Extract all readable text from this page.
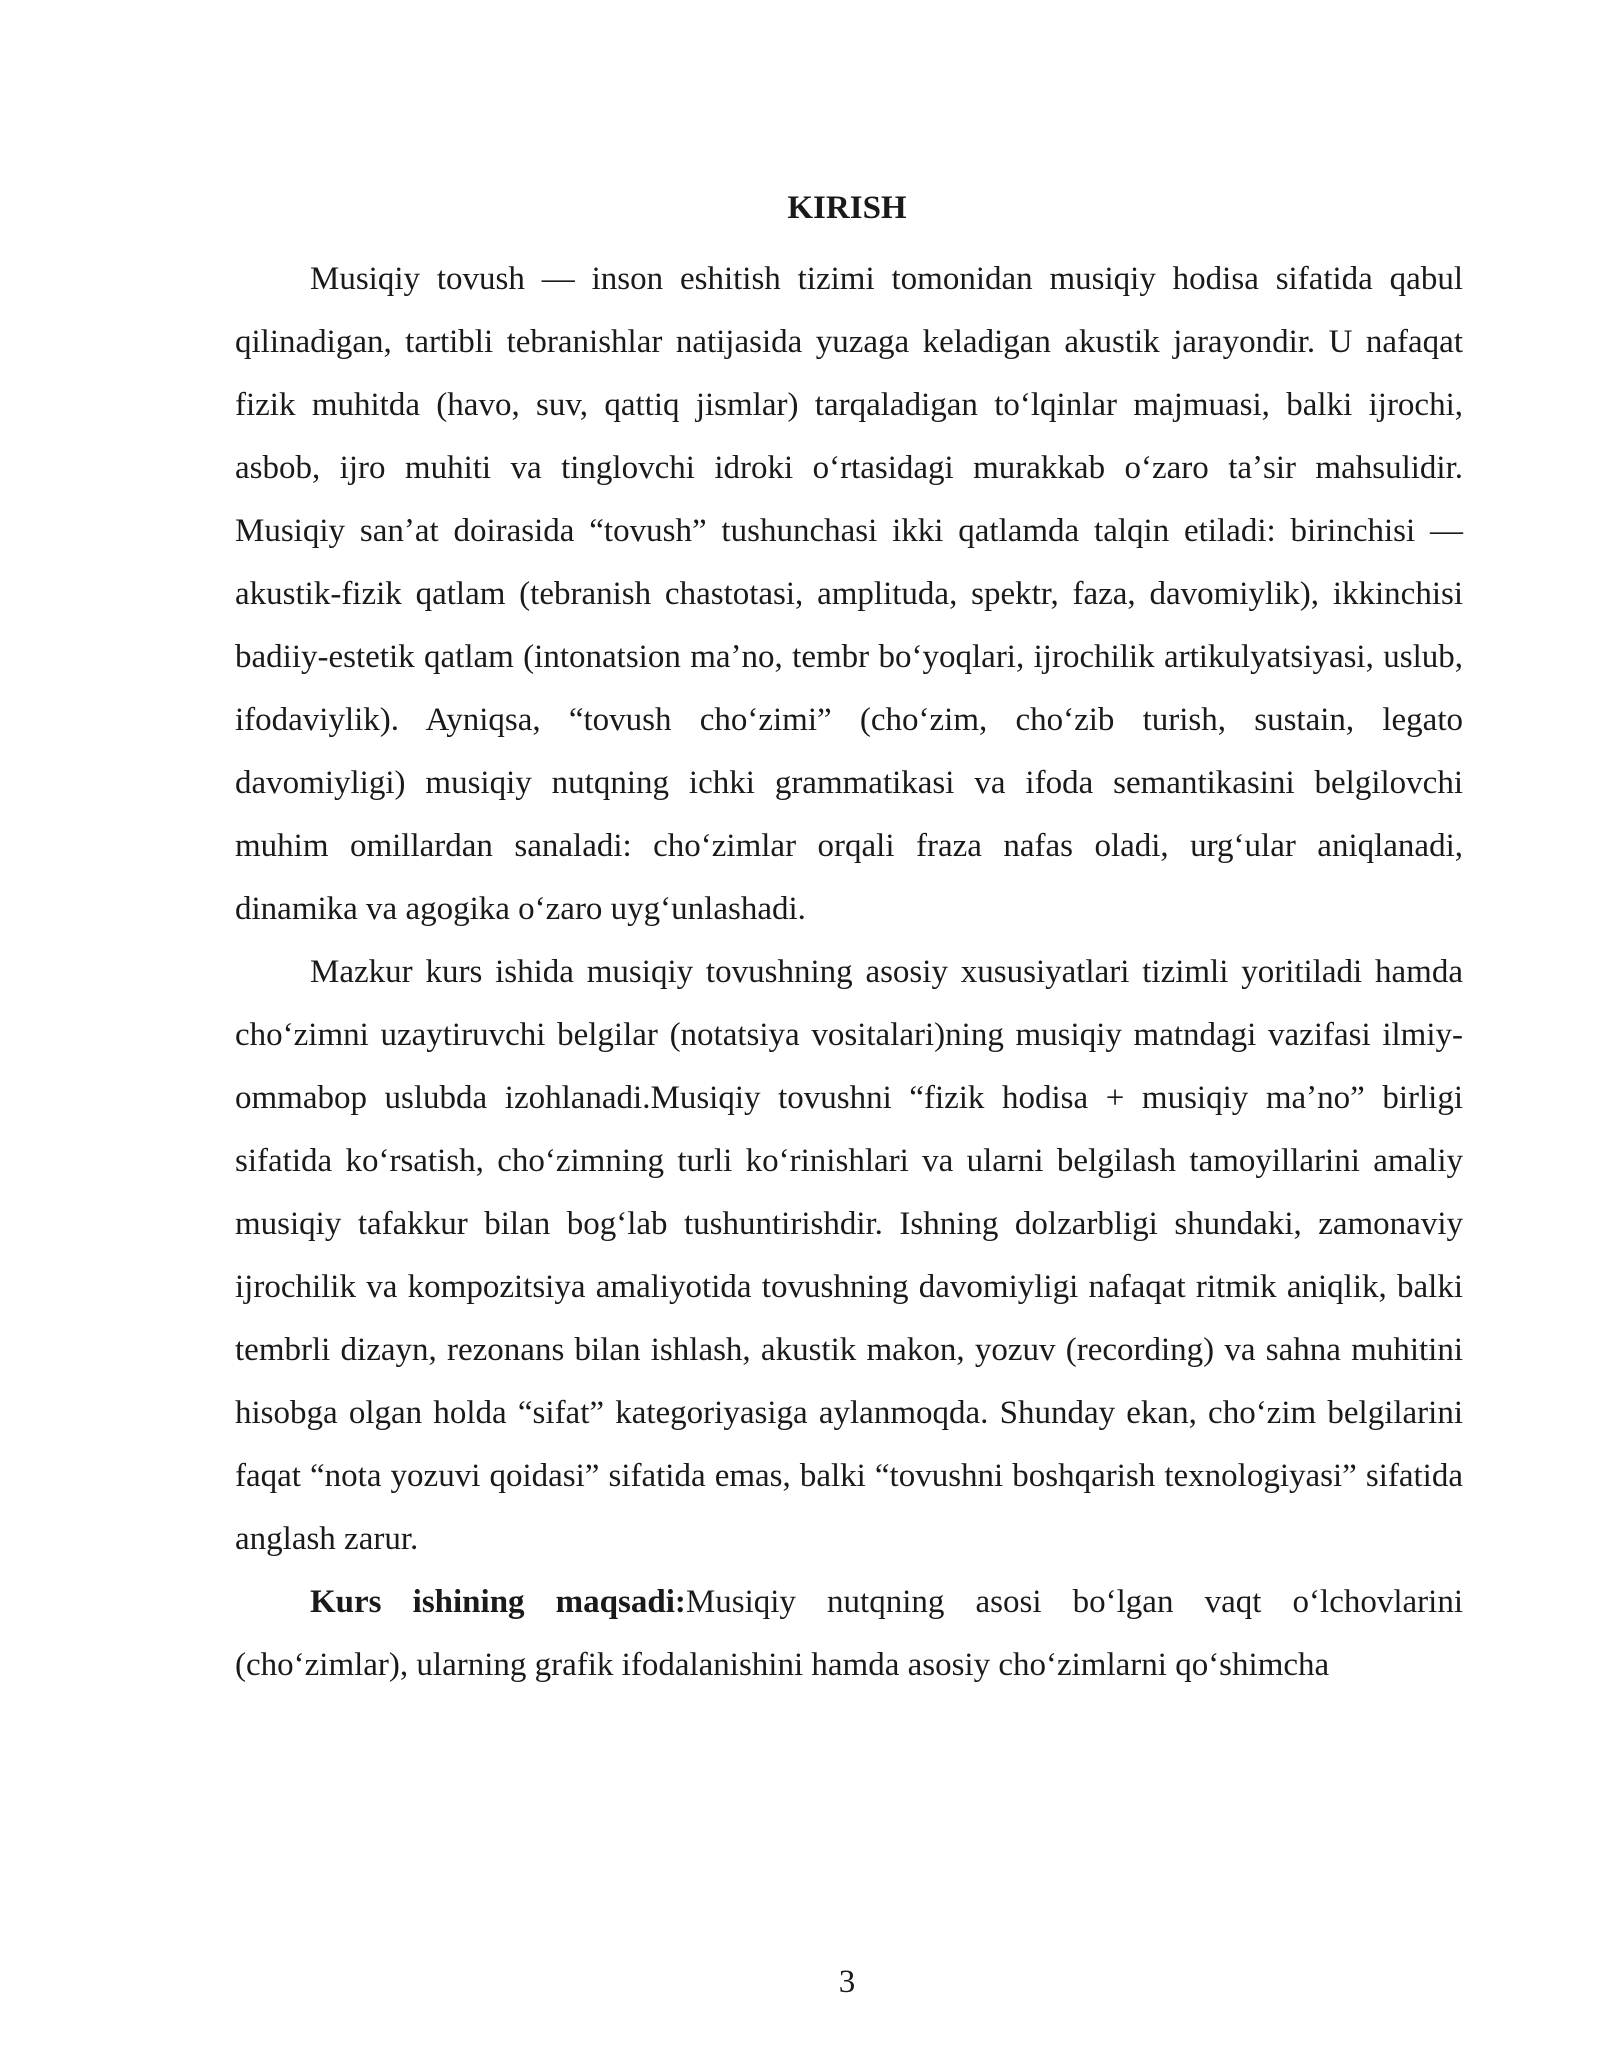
KIRISH

Musiqiy tovush — inson eshitish tizimi tomonidan musiqiy hodisa sifatida qabul qilinadigan, tartibli tebranishlar natijasida yuzaga keladigan akustik jarayondir. U nafaqat fizik muhitda (havo, suv, qattiq jismlar) tarqaladigan toʻlqinlar majmuasi, balki ijrochi, asbob, ijro muhiti va tinglovchi idroki oʻrtasidagi murakkab oʻzaro taʼsir mahsulidir. Musiqiy sanʼat doirasida “tovush” tushunchasi ikki qatlamda talqin etiladi: birinchisi — akustik-fizik qatlam (tebranish chastotasi, amplituda, spektr, faza, davomiylik), ikkinchisi badiiy-estetik qatlam (intonatsion maʼno, tembr boʻyoqlari, ijrochilik artikulyatsiyasi, uslub, ifodaviylik). Ayniqsa, “tovush choʻzimi” (choʻzim, choʻzib turish, sustain, legato davomiyligi) musiqiy nutqning ichki grammatikasi va ifoda semantikasini belgilovchi muhim omillardan sanaladi: choʻzimlar orqali fraza nafas oladi, urgʻular aniqlanadi, dinamika va agogika oʻzaro uygʻunlashadi.

Mazkur kurs ishida musiqiy tovushning asosiy xususiyatlari tizimli yoritiladi hamda choʻzimni uzaytiruvchi belgilar (notatsiya vositalari)ning musiqiy matndagi vazifasi ilmiy-ommabop uslubda izohlanadi.Musiqiy tovushni “fizik hodisa + musiqiy maʼno” birligi sifatida koʻrsatish, choʻzimning turli koʻrinishlari va ularni belgilash tamoyillarini amaliy musiqiy tafakkur bilan bogʻlab tushuntirishdir. Ishning dolzarbligi shundaki, zamonaviy ijrochilik va kompozitsiya amaliyotida tovushning davomiyligi nafaqat ritmik aniqlik, balki tembrli dizayn, rezonans bilan ishlash, akustik makon, yozuv (recording) va sahna muhitini hisobga olgan holda “sifat” kategoriyasiga aylanmoqda. Shunday ekan, choʻzim belgilarini faqat “nota yozuvi qoidasi” sifatida emas, balki “tovushni boshqarish texnologiyasi” sifatida anglash zarur.

Kurs ishining maqsadi:Musiqiy nutqning asosi boʻlgan vaqt oʻlchovlarini (choʻzimlar), ularning grafik ifodalanishini hamda asosiy choʻzimlarni qoʻshimcha

3
